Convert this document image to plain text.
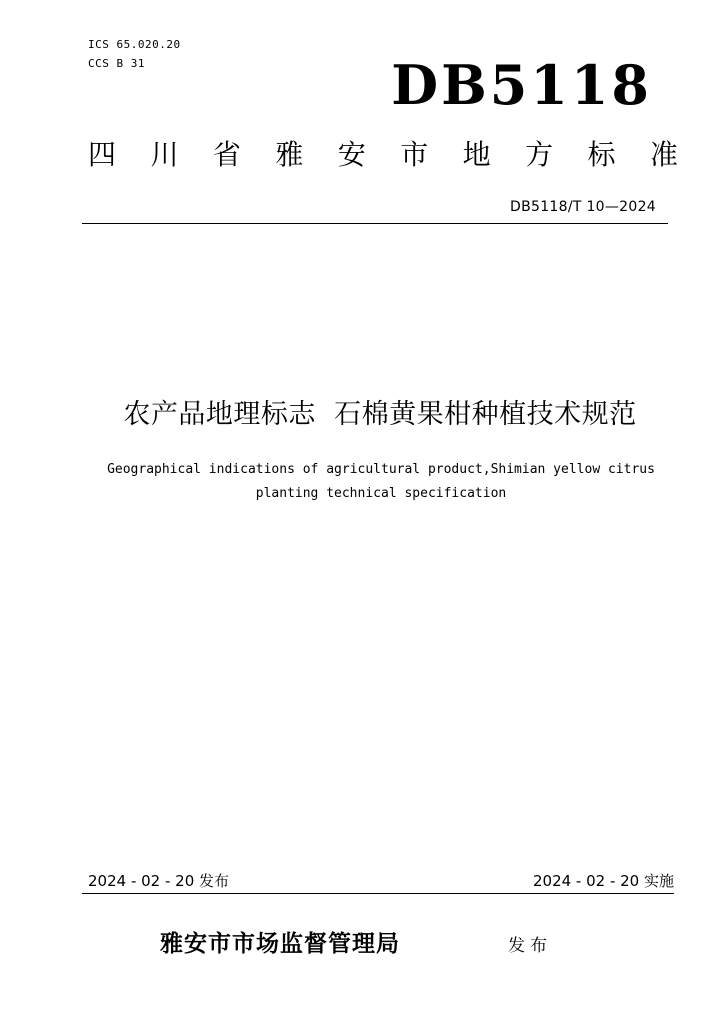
ICS 65.020.20
CCS B 31	DB5118
四 川 省 雅 安 市 地 方 标 准
DB5118/T 10—2024
农产品地理标志  石棉黄果柑种植技术规范
Geographical indications of agricultural product,Shimian yellow citrus
planting technical specification
2024 - 02 - 20 发布	2024 - 02 - 20 实施
雅安市市场监督管理局	发布
